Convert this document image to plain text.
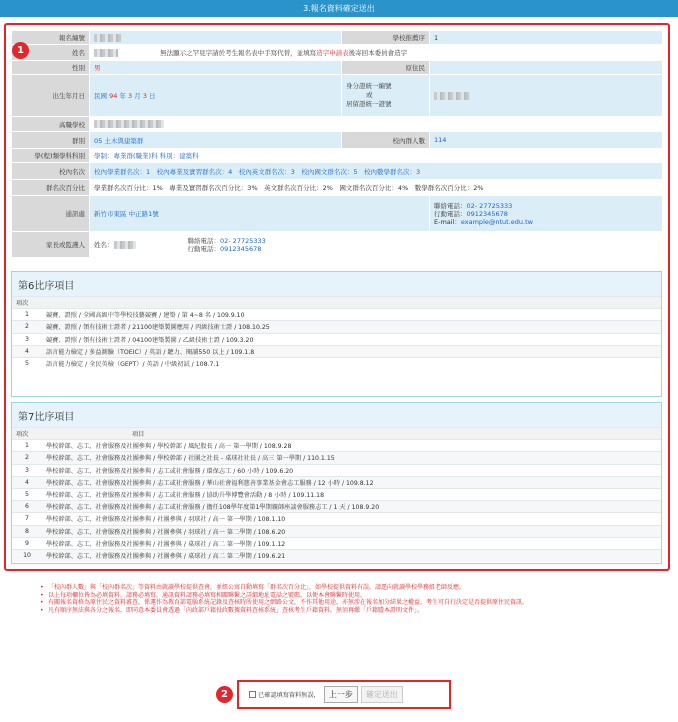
3.報名資料確定送出
1
報名編號		學校推薦序	1
姓名	無法顯示之罕見字請於考生報名表中手寫代替，並填寫造字申請表後寄回本委員會造字		
性別	男	原住民	
出生年月日	民國 94 年 3 月 3 日	身分證統一編號
或
居留證統一證號	

高職學校			
群別	05 土木與建築群	校內群人數	114
學(程)類學科科別	學制：專業群(職業)科 科別：建築科		
校內名次	校內學業群名次：1　校內專業及實習群名次：4　校內英文群名次：3　校內國文群名次：5　校內數學群名次：3		
群名次百分比	學業群名次百分比：1%　專業及實習群名次百分比：3%　英文群名次百分比：2%　國文群名次百分比：4%　數學群名次百分比：2%		
通訊處	新竹市東區 中正路1號		聯絡電話：02- 27725333
行動電話：0912345678
E-mail：example@ntut.edu.tw

家長或監護人	姓名：
聯絡電話：02- 27725333
行動電話：0912345678		
第6比序項目
項次	
1	競賽、證照 / 全國高級中等學校技藝競賽 / 建築 / 第 4~8 名 / 109.9.10
2	競賽、證照 / 領有技術士證者 / 21100建築製圖應用 / 丙級技術士證 / 108.10.25
3	競賽、證照 / 領有技術士證者 / 04100建築製圖 / 乙級技術士證 / 109.3.20
4	語言能力檢定 / 多益測驗（TOEIC）/ 英語 / 聽力、閱讀550 以上 / 109.1.8
5	語言能力檢定 / 全民英檢（GEPT）/ 英語 / 中級初試 / 108.7.1
第7比序項目
項次	項目
1	學校幹部、志工、社會服務及社團參與 / 學校幹部 / 風紀股長 / 高一 第一學期 / 108.9.28
2	學校幹部、志工、社會服務及社團參與 / 學校幹部 / 社團之社長 - 桌球社社長 / 高三 第一學期 / 110.1.15
3	學校幹部、志工、社會服務及社團參與 / 志工或社會服務 / 環保志工 / 60 小時 / 109.6.20
4	學校幹部、志工、社會服務及社團參與 / 志工或社會服務 / 華山社會福利慈善事業基金會志工服務 / 12 小時 / 109.8.12
5	學校幹部、志工、社會服務及社團參與 / 志工或社會服務 / 協助升學博覽會活動 / 8 小時 / 109.11.18
6	學校幹部、志工、社會服務及社團參與 / 志工或社會服務 / 擔任108學年度第1學期親師座談會服務志工 / 1 天 / 108.9.20
7	學校幹部、志工、社會服務及社團參與 / 社團參與 / 羽球社 / 高一 第一學期 / 108.1.10
8	學校幹部、志工、社會服務及社團參與 / 社團參與 / 羽球社 / 高一 第二學期 / 108.6.20
9	學校幹部、志工、社會服務及社團參與 / 社團參與 / 桌球社 / 高二 第一學期 / 109.1.12
10	學校幹部、志工、社會服務及社團參與 / 社團參與 / 桌球社 / 高二 第二學期 / 109.6.21
• 「校內群人數」與「校內群名次」等資料由就讀學校提供查會，並經公寓自動填寫「群名次百分比」，如學校提供資料有誤，請逕向就讀學校學務組老師反應。
• 以上每項欄位皆為必填資料，請務必填寫，通訊資料請務必填寫相關聯繫之詳細地址電話之號碼，以便本會聯繫時使用。
• 有關報名資格為原住民之資料審查，係運作為教育部電腦系統記錄及查核時所使用之網路公文，不作其他用途，亦無涉在報名加分結果之權益，考生可自行決定是否提供原住民資訊。
• 凡有順序無法與各分之報名，即同意本委員會透過「內政部戶籍役政數據資料查核系統」查核考生戶籍資料，無須再繳「戶籍謄本證明文件」。
2	已確認填寫資料無誤，	上一步	確定送出
